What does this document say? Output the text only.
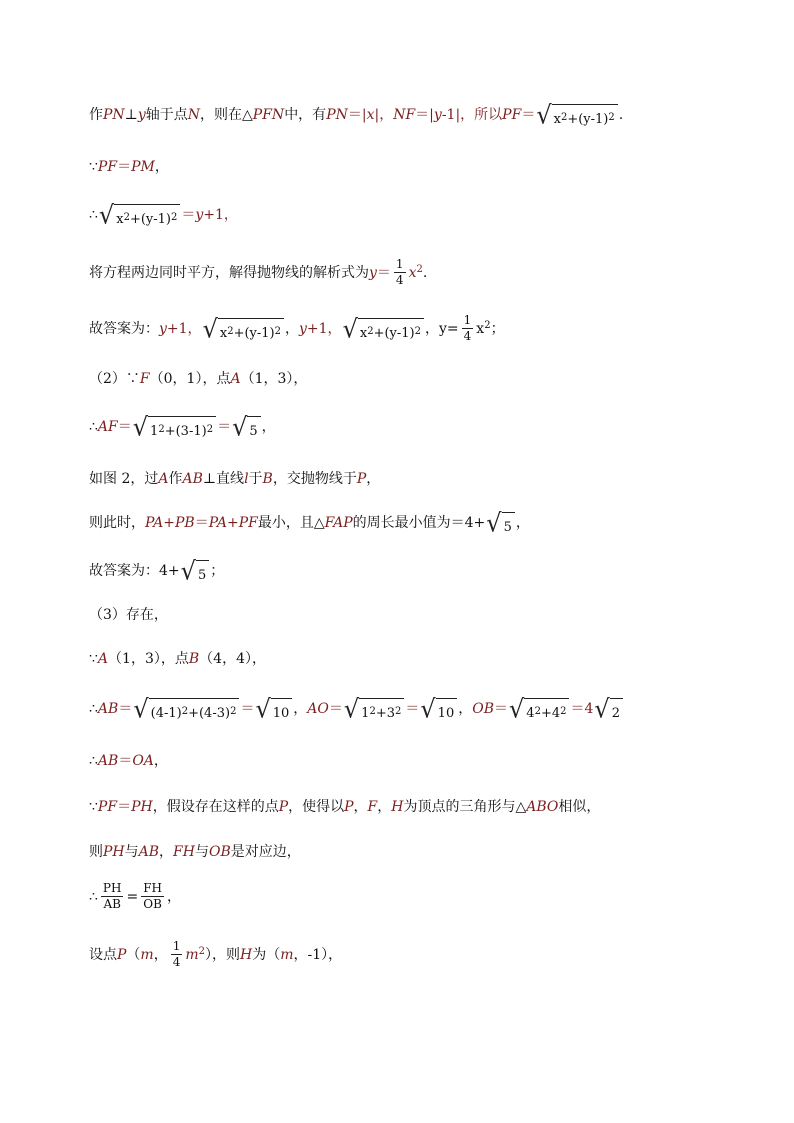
作 PN ⊥ y 轴于点 N ，则在△ PFN 中，有 PN ＝| x |， NF ＝| y -1|，所以 PF ＝ √ $x^2 +(y-1)^2$ .
∵ PF ＝ PM ，
∴ √ $x^2 +(y-1)^2 = y +1$，
将方程两边同时平方，解得抛物线的解析式为 $y = \frac{1}{4} x^2$ .
故答案为： y +1， √ $x^2 +(y-1)^2$ ， y +1， √ $x^2 +(y-1)^2$ ， $y= \frac{1}{4} x^2$ ；
（2）∵ F （0，1），点 A （1，3），
∴ AF ＝ √ $1^2 +(3-1)^2$ ＝ √ 5 ，
如图 2，过 A 作 AB ⊥直线 l 于 B ，交抛物线于 P ，
则此时， PA + PB ＝ PA + PF 最小，且△ FAP 的周长最小值为＝4+ √ 5 ，
故答案为：4+ √ 5 ；
（3）存在，
∵ A （1，3），点 B （4，4），
∴ AB ＝ √ $(4-1)^2 +(4-3)^2$ ＝ √ 10 ， AO ＝ √ $1^2 +3^2$ ＝ √ 10 ， OB ＝ √ $4^2 +4^2 =4$ √ 2
∴ AB ＝ OA ，
∵ PF ＝ PH ，假设存在这样的点 P ，使得以 P ， F ， H 为顶点的三角形与△ ABO 相似，
则 PH 与 AB ， FH 与 OB 是对应边，
∴ $\frac{PH}{AB} = \frac{FH}{OB}$ ，
设点 P （ m ， $\frac{1}{4} m^2$ ），则 H 为（ m ，-1），
